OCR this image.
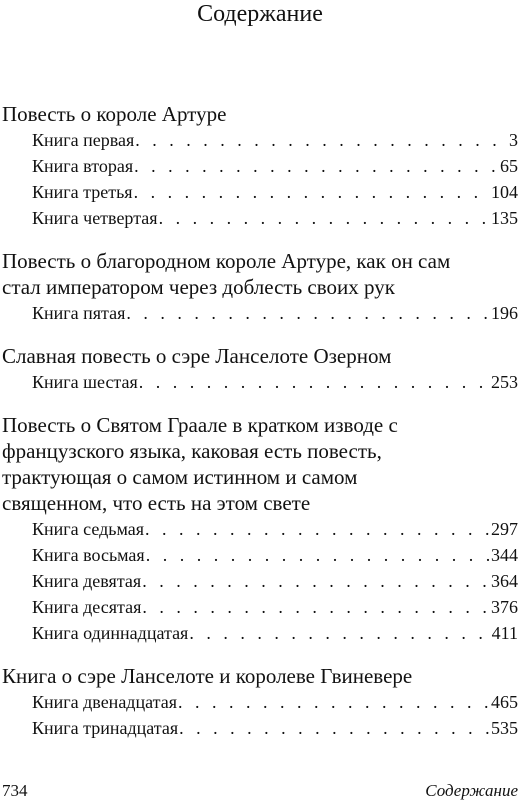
Содержание
Повесть о короле Артуре
Книга первая . . .	3
Книга вторая . . .	65
Книга третья . . .	104
Книга четвертая . . .	135
Повесть о благородном короле Артуре, как он сам стал императором через доблесть своих рук
Книга пятая . . .	196
Славная повесть о сэре Ланселоте Озерном
Книга шестая . . .	253
Повесть о Святом Граале в кратком изводе с французского языка, каковая есть повесть, трактующая о самом истинном и самом священном, что есть на этом свете
Книга седьмая . . .	297
Книга восьмая . . .	344
Книга девятая . . .	364
Книга десятая . . .	376
Книга одиннадцатая . . .	411
Книга о сэре Ланселоте и королеве Гвиневере
Книга двенадцатая . . .	465
Книга тринадцатая . . .	535
734	Содержание
